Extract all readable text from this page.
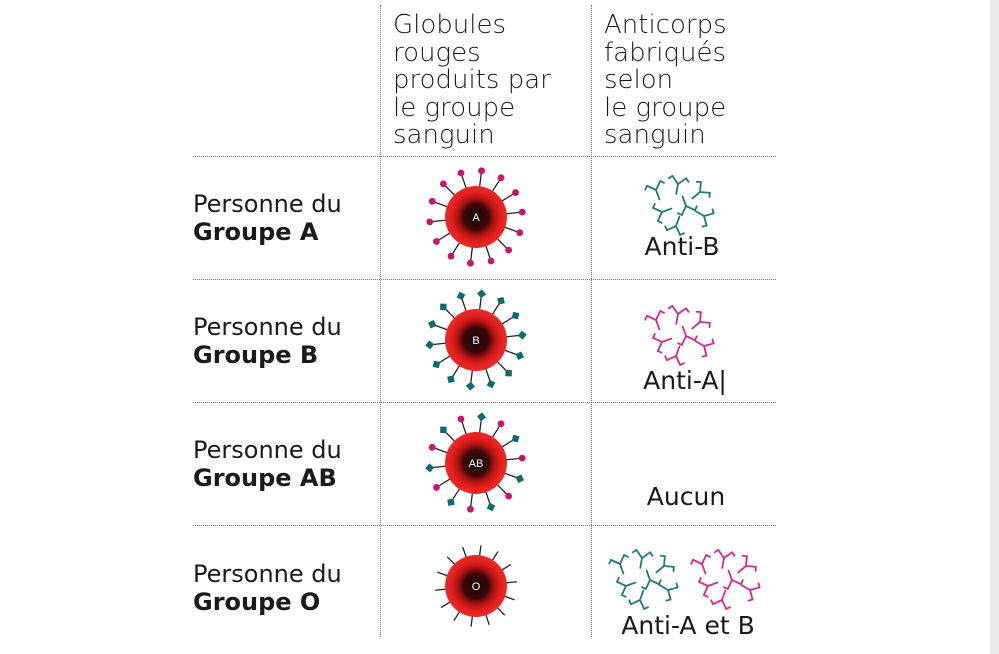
Globules
rouges
produits par
le groupe
sanguin
Anticorps
fabriqués
selon
le groupe
sanguin
Personne du
Groupe A
Personne du
Groupe B
Personne du
Groupe AB
Personne du
Groupe O
A
B
AB
O
Anti-B
Anti-A|
Aucun
Anti-A et B
